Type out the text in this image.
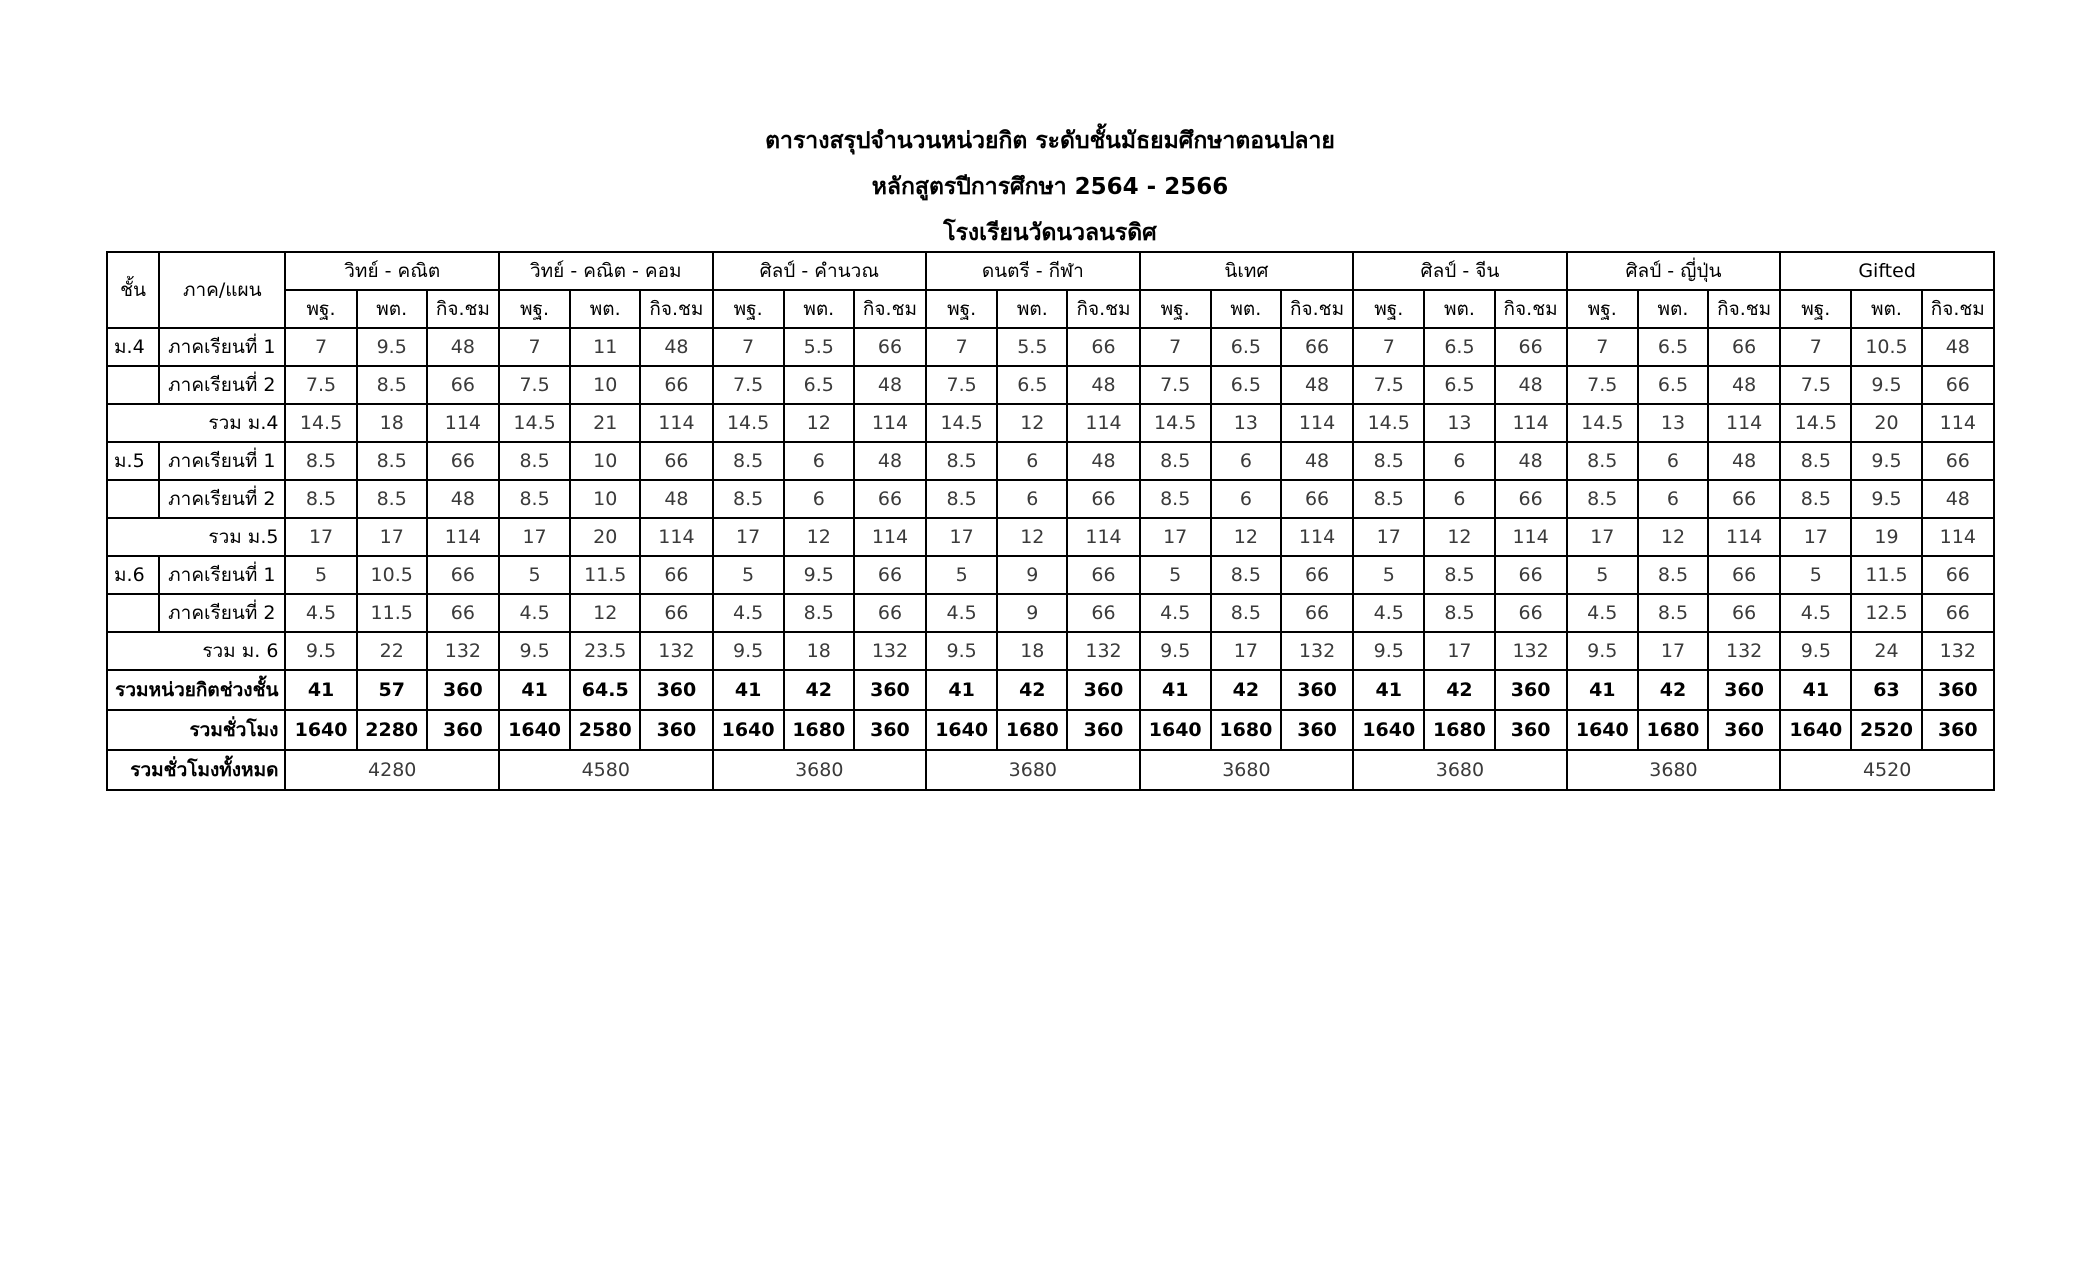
ตารางสรุปจำนวนหน่วยกิต ระดับชั้นมัธยมศึกษาตอนปลาย
หลักสูตรปีการศึกษา 2564 - 2566
โรงเรียนวัดนวลนรดิศ
ชั้น	ภาค/แผน	วิทย์ - คณิต			วิทย์ - คณิต - คอม			ศิลป์ - คำนวณ			ดนตรี - กีฬา			นิเทศ			ศิลป์ - จีน			ศิลป์ - ญี่ปุ่น			Gifted		
		พฐ.	พต.	กิจ.ชม	พฐ.	พต.	กิจ.ชม	พฐ.	พต.	กิจ.ชม	พฐ.	พต.	กิจ.ชม	พฐ.	พต.	กิจ.ชม	พฐ.	พต.	กิจ.ชม	พฐ.	พต.	กิจ.ชม	พฐ.	พต.	กิจ.ชม
ม.4	ภาคเรียนที่ 1	7	9.5	48	7	11	48	7	5.5	66	7	5.5	66	7	6.5	66	7	6.5	66	7	6.5	66	7	10.5	48
	ภาคเรียนที่ 2	7.5	8.5	66	7.5	10	66	7.5	6.5	48	7.5	6.5	48	7.5	6.5	48	7.5	6.5	48	7.5	6.5	48	7.5	9.5	66
รวม ม.4		14.5	18	114	14.5	21	114	14.5	12	114	14.5	12	114	14.5	13	114	14.5	13	114	14.5	13	114	14.5	20	114
ม.5	ภาคเรียนที่ 1	8.5	8.5	66	8.5	10	66	8.5	6	48	8.5	6	48	8.5	6	48	8.5	6	48	8.5	6	48	8.5	9.5	66
	ภาคเรียนที่ 2	8.5	8.5	48	8.5	10	48	8.5	6	66	8.5	6	66	8.5	6	66	8.5	6	66	8.5	6	66	8.5	9.5	48
รวม ม.5		17	17	114	17	20	114	17	12	114	17	12	114	17	12	114	17	12	114	17	12	114	17	19	114
ม.6	ภาคเรียนที่ 1	5	10.5	66	5	11.5	66	5	9.5	66	5	9	66	5	8.5	66	5	8.5	66	5	8.5	66	5	11.5	66
	ภาคเรียนที่ 2	4.5	11.5	66	4.5	12	66	4.5	8.5	66	4.5	9	66	4.5	8.5	66	4.5	8.5	66	4.5	8.5	66	4.5	12.5	66
รวม ม. 6		9.5	22	132	9.5	23.5	132	9.5	18	132	9.5	18	132	9.5	17	132	9.5	17	132	9.5	17	132	9.5	24	132
รวมหน่วยกิตช่วงชั้น		41	57	360	41	64.5	360	41	42	360	41	42	360	41	42	360	41	42	360	41	42	360	41	63	360
รวมชั่วโมง		1640	2280	360	1640	2580	360	1640	1680	360	1640	1680	360	1640	1680	360	1640	1680	360	1640	1680	360	1640	2520	360
รวมชั่วโมงทั้งหมด		4280			4580			3680			3680			3680			3680			3680			4520		
